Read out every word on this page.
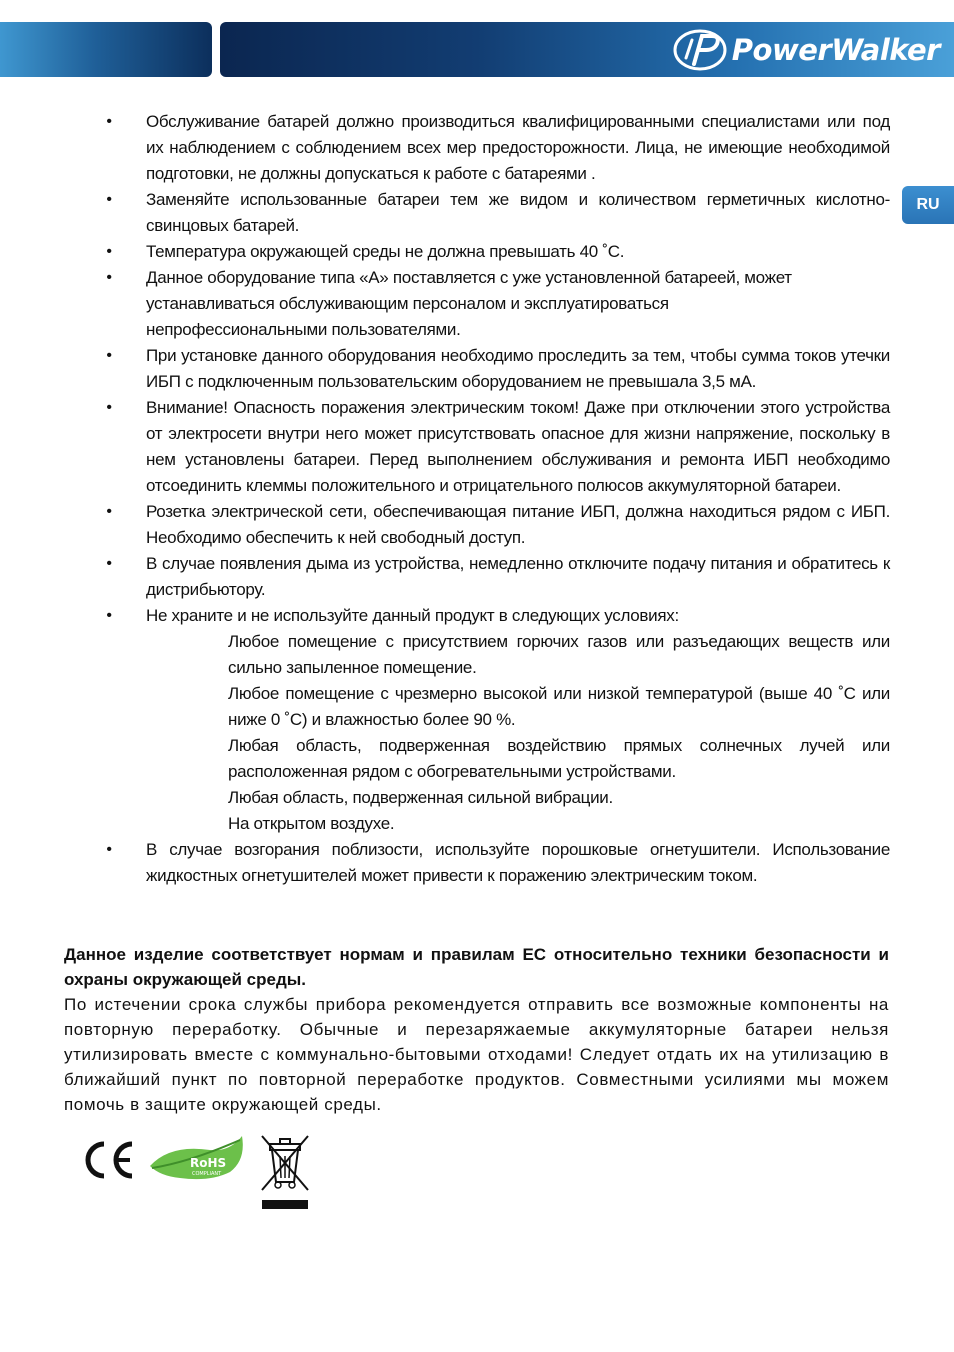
PowerWalker
RU
• Обслуживание батарей должно производиться квалифицированными специалистами или под их наблюдением с соблюдением всех мер предосторожности. Лица, не имеющие необходимой подготовки, не должны допускаться к работе с батареями .
• Заменяйте использованные батареи тем же видом и количеством герметичных кислотно-свинцовых батарей.
• Температура окружающей среды не должна превышать 40 ˚C.
• Данное оборудование типа «А» поставляется с уже установленной батареей, может устанавливаться обслуживающим персоналом и эксплуатироваться непрофессиональными пользователями.
• При установке данного оборудования необходимо проследить за тем, чтобы сумма токов утечки ИБП с подключенным пользовательским оборудованием не превышала 3,5 мА.
• Внимание! Опасность поражения электрическим током! Даже при отключении этого устройства от электросети внутри него может присутствовать опасное для жизни напряжение, поскольку в нем установлены батареи. Перед выполнением обслуживания и ремонта ИБП необходимо отсоединить клеммы положительного и отрицательного полюсов аккумуляторной батареи.
• Розетка электрической сети, обеспечивающая питание ИБП, должна находиться рядом с ИБП. Необходимо обеспечить к ней свободный доступ.
• В случае появления дыма из устройства, немедленно отключите подачу питания и обратитесь к дистрибьютору.
• Не храните и не используйте данный продукт в следующих условиях:
Любое помещение с присутствием горючих газов или разъедающих веществ или сильно запыленное помещение.
Любое помещение с чрезмерно высокой или низкой температурой (выше 40 ˚C или ниже 0 ˚C) и влажностью более 90 %.
Любая область, подверженная воздействию прямых солнечных лучей или расположенная рядом с обогревательными устройствами.
Любая область, подверженная сильной вибрации.
На открытом воздухе.
• В случае возгорания поблизости, используйте порошковые огнетушители. Использование жидкостных огнетушителей может привести к поражению электрическим током.
Данное изделие соответствует нормам и правилам ЕС относительно техники безопасности и охраны окружающей среды.
По истечении срока службы прибора рекомендуется отправить все возможные компоненты на повторную переработку. Обычные и перезаряжаемые аккумуляторные батареи нельзя утилизировать вместе с коммунально-бытовыми отходами! Следует отдать их на утилизацию в ближайший пункт по повторной переработке продуктов. Совместными усилиями мы можем помочь в защите окружающей среды.
RoHS
COMPLIANT
